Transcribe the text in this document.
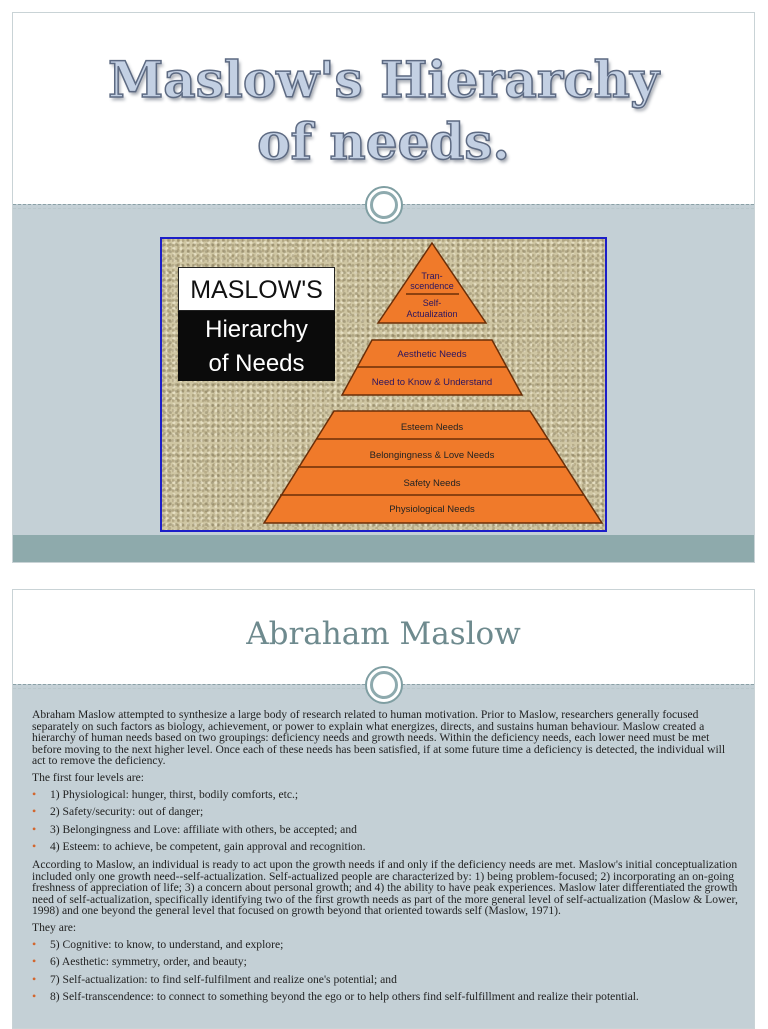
Maslow's Hierarchy
of needs.
Tran-
scendence
Self-
Actualization
Aesthetic Needs
Need to Know & Understand
Esteem Needs
Belongingness & Love Needs
Safety Needs
Physiological Needs
MASLOW'S
Hierarchy
of Needs
Abraham Maslow

Abraham Maslow attempted to synthesize a large body of research related to human motivation. Prior to Maslow, researchers generally focused separately on such factors as biology, achievement, or power to explain what energizes, directs, and sustains human behaviour. Maslow created a hierarchy of human needs based on two groupings: deficiency needs and growth needs. Within the deficiency needs, each lower need must be met before moving to the next higher level. Once each of these needs has been satisfied, if at some future time a deficiency is detected, the individual will act to remove the deficiency.

The first four levels are:

• 1) Physiological: hunger, thirst, bodily comforts, etc.;
• 2) Safety/security: out of danger;
• 3) Belongingness and Love: affiliate with others, be accepted; and
• 4) Esteem: to achieve, be competent, gain approval and recognition.

According to Maslow, an individual is ready to act upon the growth needs if and only if the deficiency needs are met. Maslow's initial conceptualization included only one growth need--self-actualization. Self-actualized people are characterized by: 1) being problem-focused; 2) incorporating an on-going freshness of appreciation of life; 3) a concern about personal growth; and 4) the ability to have peak experiences. Maslow later differentiated the growth need of self-actualization, specifically identifying two of the first growth needs as part of the more general level of self-actualization (Maslow & Lower, 1998) and one beyond the general level that focused on growth beyond that oriented towards self (Maslow, 1971).

They are:

• 5) Cognitive: to know, to understand, and explore;
• 6) Aesthetic: symmetry, order, and beauty;
• 7) Self-actualization: to find self-fulfilment and realize one's potential; and
• 8) Self-transcendence: to connect to something beyond the ego or to help others find self-fulfillment and realize their potential.
